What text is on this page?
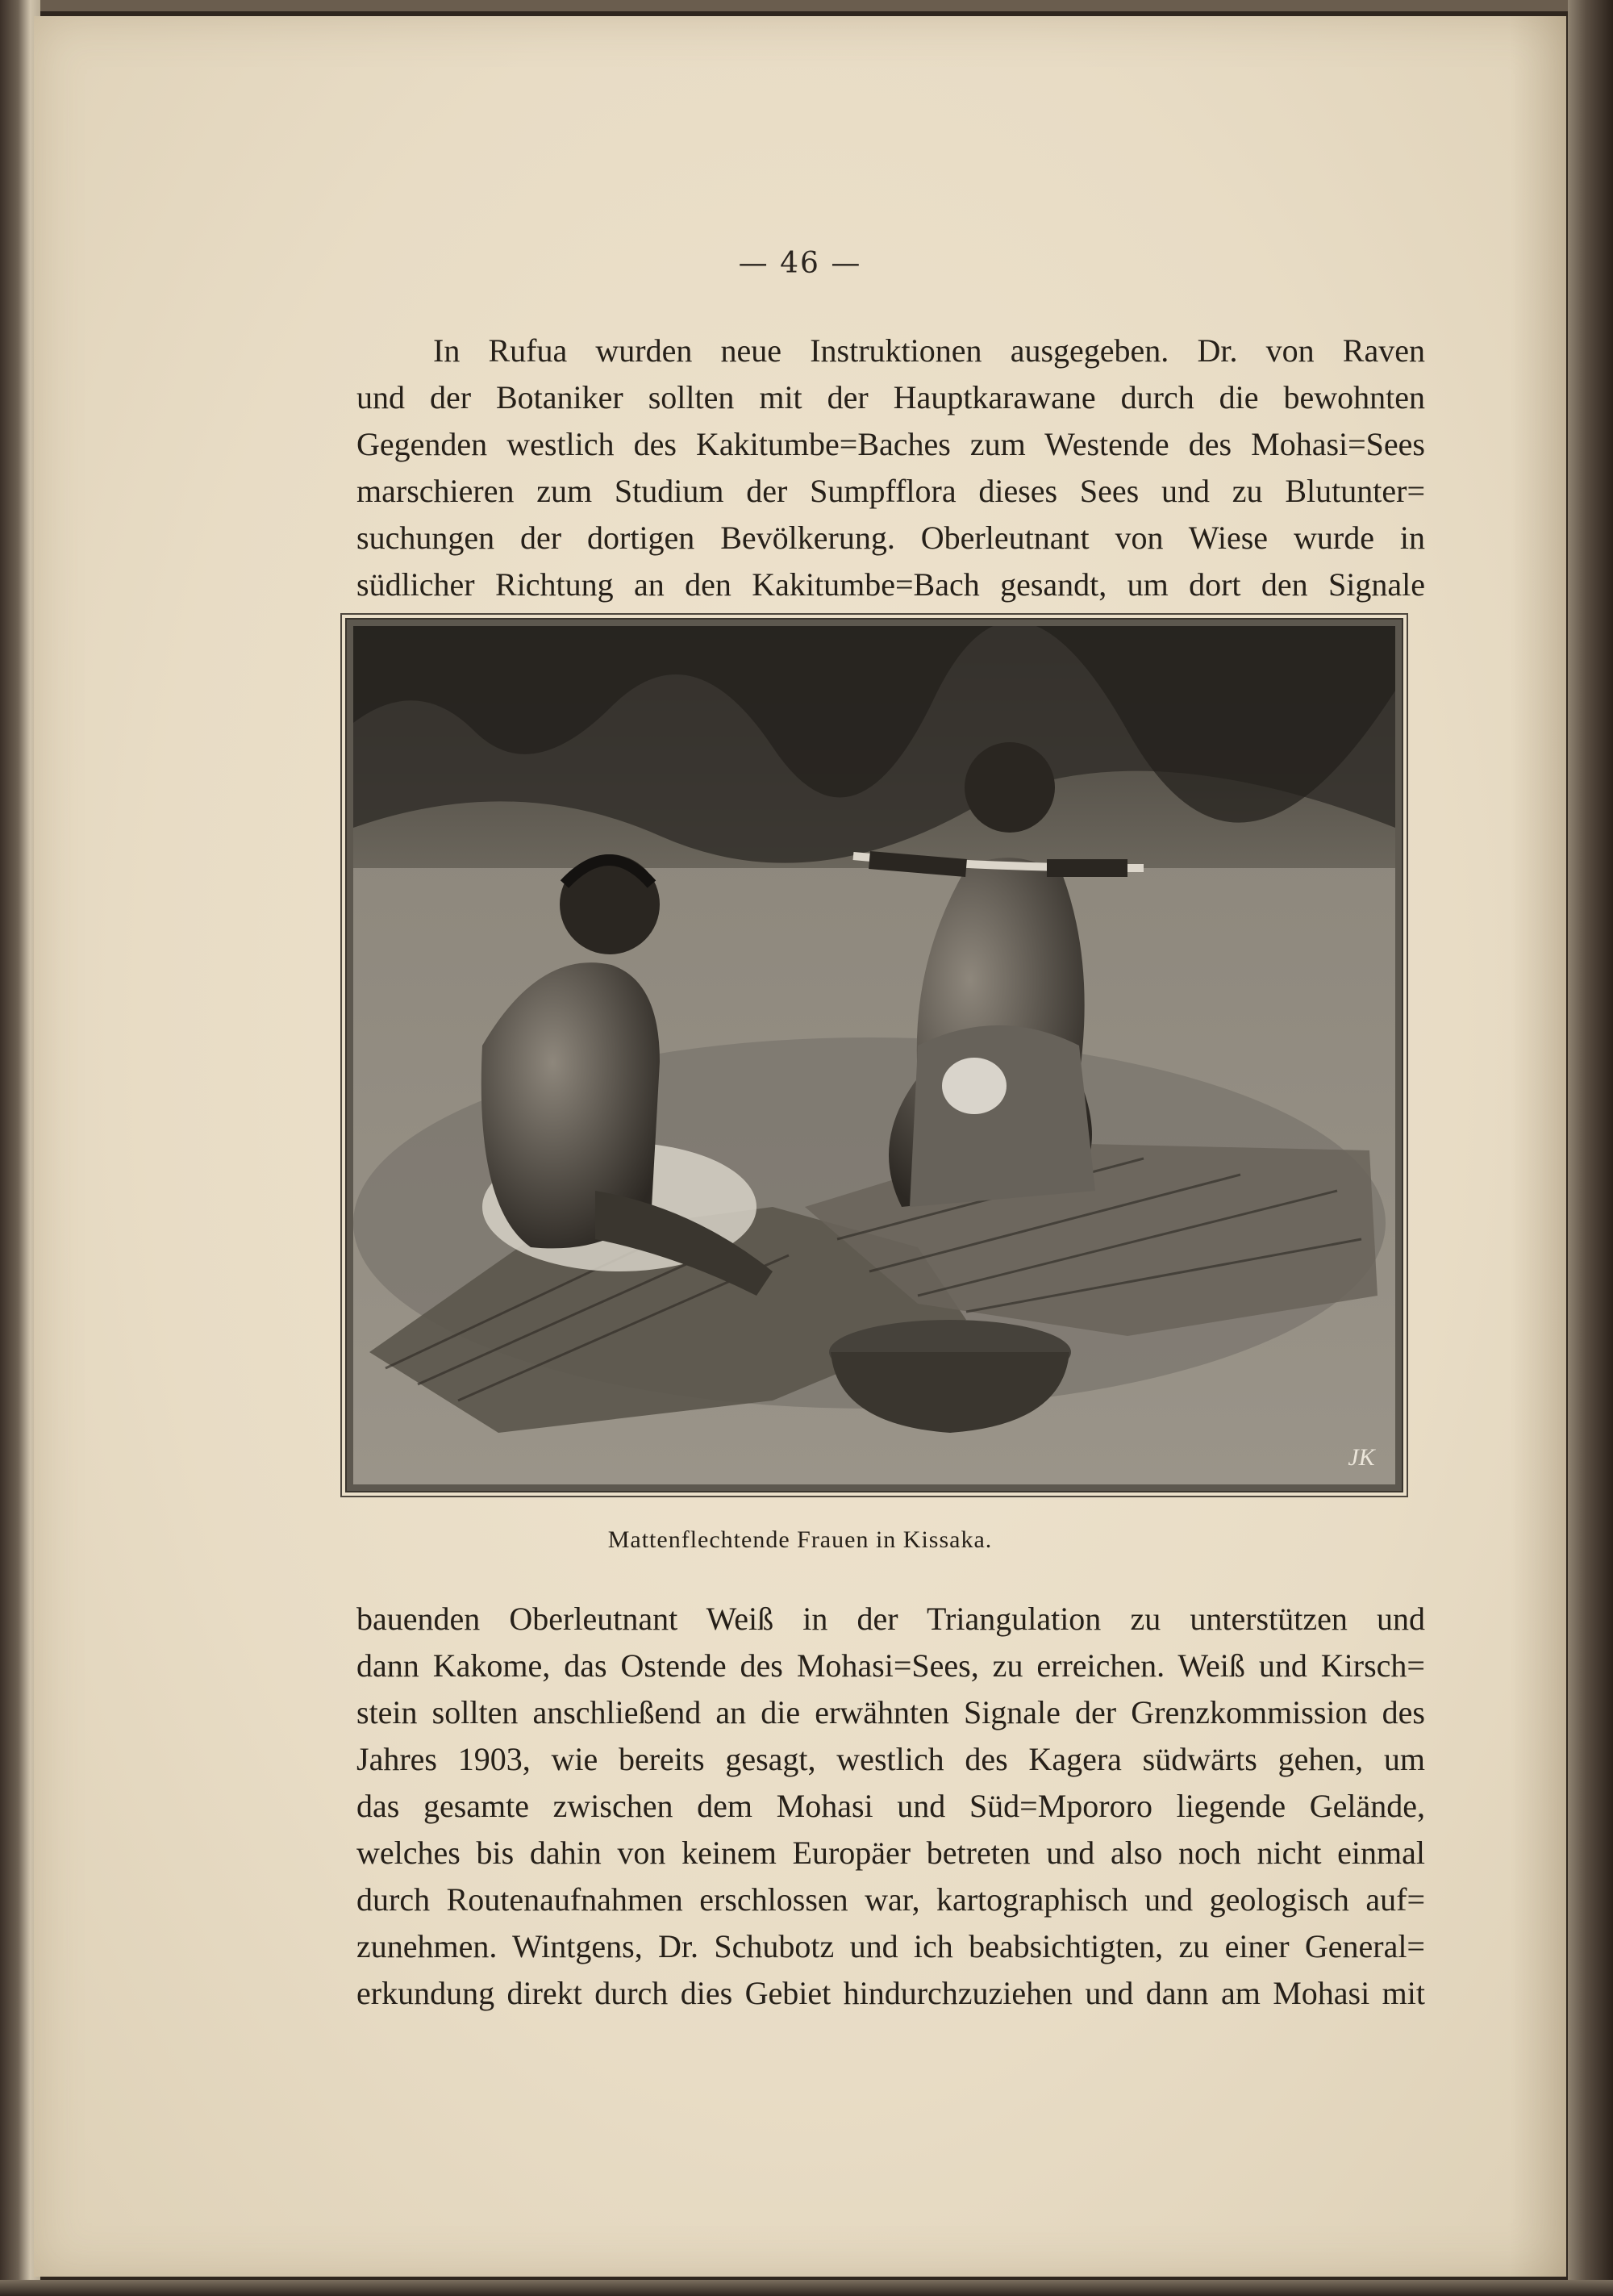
— 46 —
In Rufua wurden neue Instruktionen ausgegeben. Dr. von Raven
und der Botaniker sollten mit der Hauptkarawane durch die bewohnten
Gegenden westlich des Kakitumbe=Baches zum Westende des Mohasi=Sees
marschieren zum Studium der Sumpfflora dieses Sees und zu Blutunter=
suchungen der dortigen Bevölkerung. Oberleutnant von Wiese wurde in
südlicher Richtung an den Kakitumbe=Bach gesandt, um dort den Signale
JK
Mattenflechtende Frauen in Kissaka.
bauenden Oberleutnant Weiß in der Triangulation zu unterstützen und
dann Kakome, das Ostende des Mohasi=Sees, zu erreichen. Weiß und Kirsch=
stein sollten anschließend an die erwähnten Signale der Grenzkommission des
Jahres 1903, wie bereits gesagt, westlich des Kagera südwärts gehen, um
das gesamte zwischen dem Mohasi und Süd=Mpororo liegende Gelände,
welches bis dahin von keinem Europäer betreten und also noch nicht einmal
durch Routenaufnahmen erschlossen war, kartographisch und geologisch auf=
zunehmen. Wintgens, Dr. Schubotz und ich beabsichtigten, zu einer General=
erkundung direkt durch dies Gebiet hindurchzuziehen und dann am Mohasi mit
